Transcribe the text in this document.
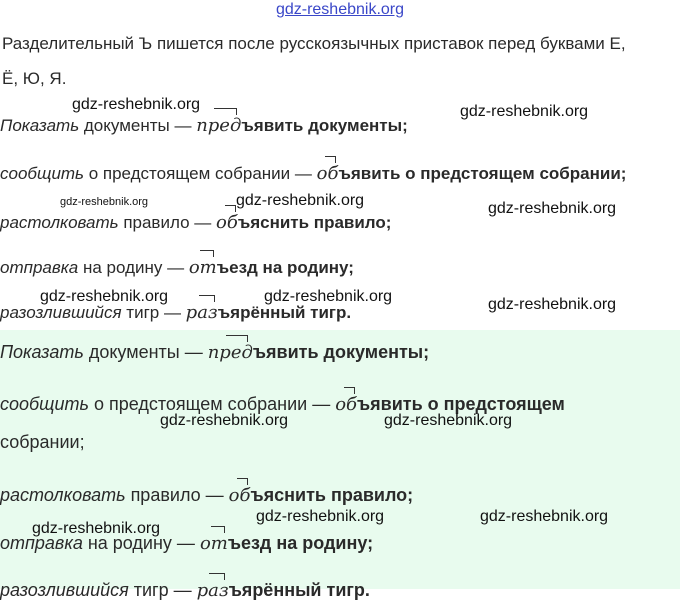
gdz-reshebnik.org
Разделительный Ъ пишется после русскоязычных приставок перед буквами Е,
Ё, Ю, Я.
Показать документы — предъявить документы;
сообщить о предстоящем собрании — объявить о предстоящем собрании;
растолковать правило — объяснить правило;
отправка на родину — отъезд на родину;
разозлившийся тигр — разъярённый тигр.
Показать документы — предъявить документы;
сообщить о предстоящем собрании — объявить о предстоящем
собрании;
растолковать правило — объяснить правило;
отправка на родину — отъезд на родину;
разозлившийся тигр — разъярённый тигр.
gdz-reshebnik.org	gdz-reshebnik.org
gdz-reshebnik.org	gdz-reshebnik.org	gdz-reshebnik.org
gdz-reshebnik.org	gdz-reshebnik.org	gdz-reshebnik.org
gdz-reshebnik.org	gdz-reshebnik.org
gdz-reshebnik.org
gdz-reshebnik.org	gdz-reshebnik.org
